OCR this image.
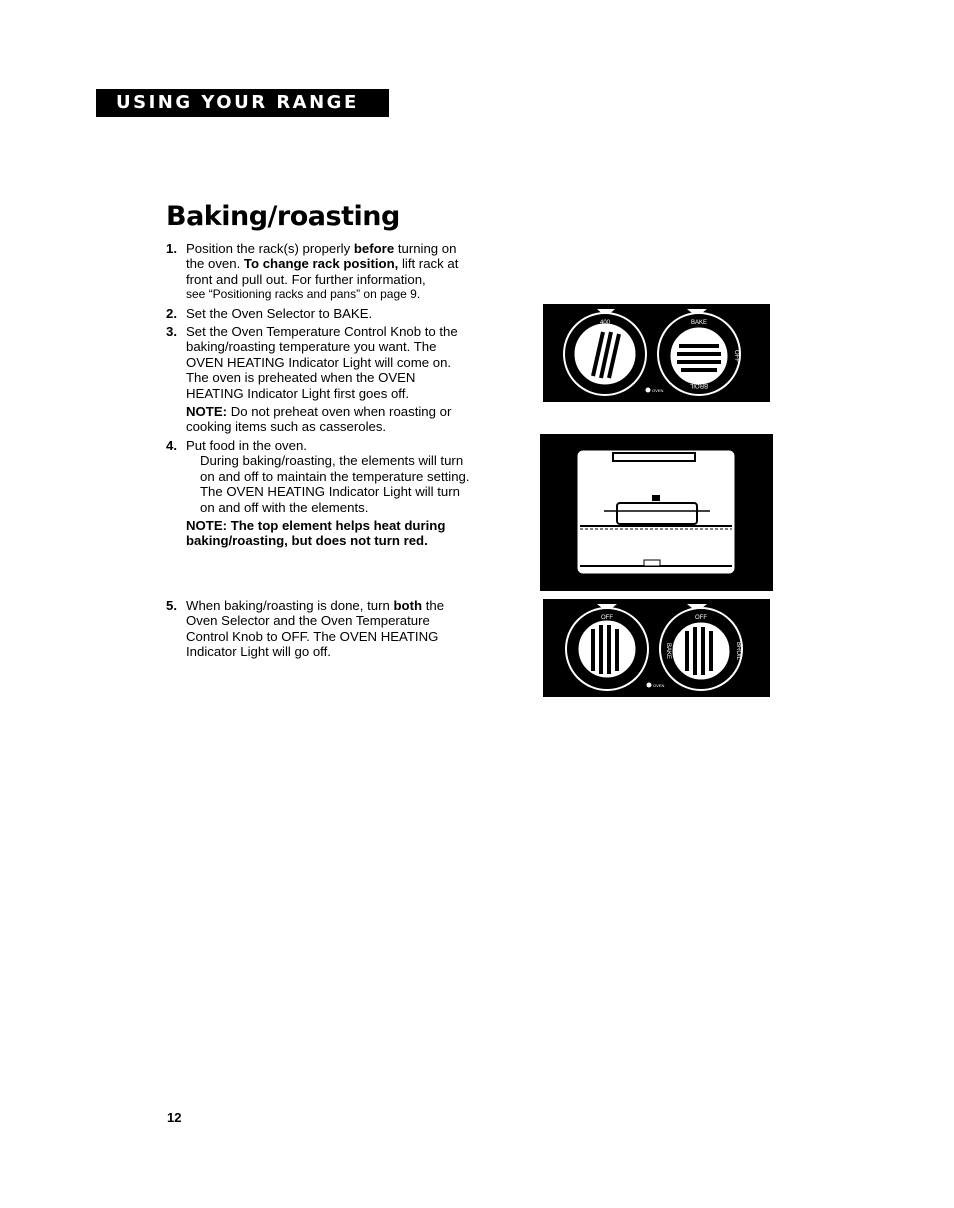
USING YOUR RANGE
Baking/roasting
1. Position the rack(s) properly before turning on the oven. To change rack position, lift rack at front and pull out. For further information,
see “Positioning racks and pans” on page 9.
2. Set the Oven Selector to BAKE.
3. Set the Oven Temperature Control Knob to the baking/roasting temperature you want. The OVEN HEATING Indicator Light will come on. The oven is preheated when the OVEN HEATING Indicator Light first goes off.
NOTE: Do not preheat oven when roasting or cooking items such as casseroles.
4. Put food in the oven.
During baking/roasting, the elements will turn on and off to maintain the temperature setting. The OVEN HEATING Indicator Light will turn on and off with the elements.
NOTE: The top element helps heat during baking/roasting, but does not turn red.
5. When baking/roasting is done, turn both the Oven Selector and the Oven Temperature Control Knob to OFF. The OVEN HEATING Indicator Light will go off.
400	BAKE
OFF
BROIL
OVEN
OFF	OFF
BAKE	BROIL
OVEN
12
